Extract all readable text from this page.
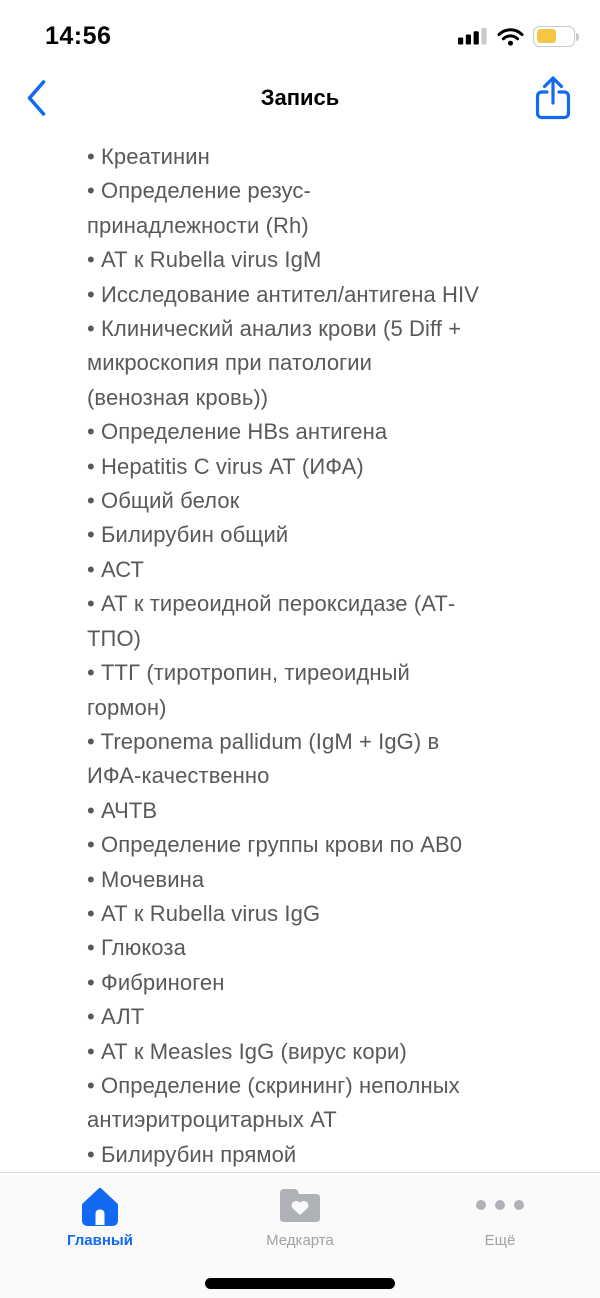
14:56
Запись
• Креатинин
• Определение резус-
принадлежности (Rh)
• АТ к Rubella virus IgM
• Исследование антител/антигена HIV
• Клинический анализ крови (5 Diff +
микроскопия при патологии
(венозная кровь))
• Определение HBs антигена
• Hepatitis C virus АТ (ИФА)
• Общий белок
• Билирубин общий
• АСТ
• АТ к тиреоидной пероксидазе (АТ-
ТПО)
• ТТГ (тиротропин, тиреоидный
гормон)
• Treponema pallidum (IgM + IgG) в
ИФА-качественно
• АЧТВ
• Определение группы крови по АВ0
• Мочевина
• АТ к Rubella virus IgG
• Глюкоза
• Фибриноген
• АЛТ
• АТ к Measles IgG (вирус кори)
• Определение (скрининг) неполных
антиэритроцитарных АТ
• Билирубин прямой
Главный	Медкарта	Ещё
